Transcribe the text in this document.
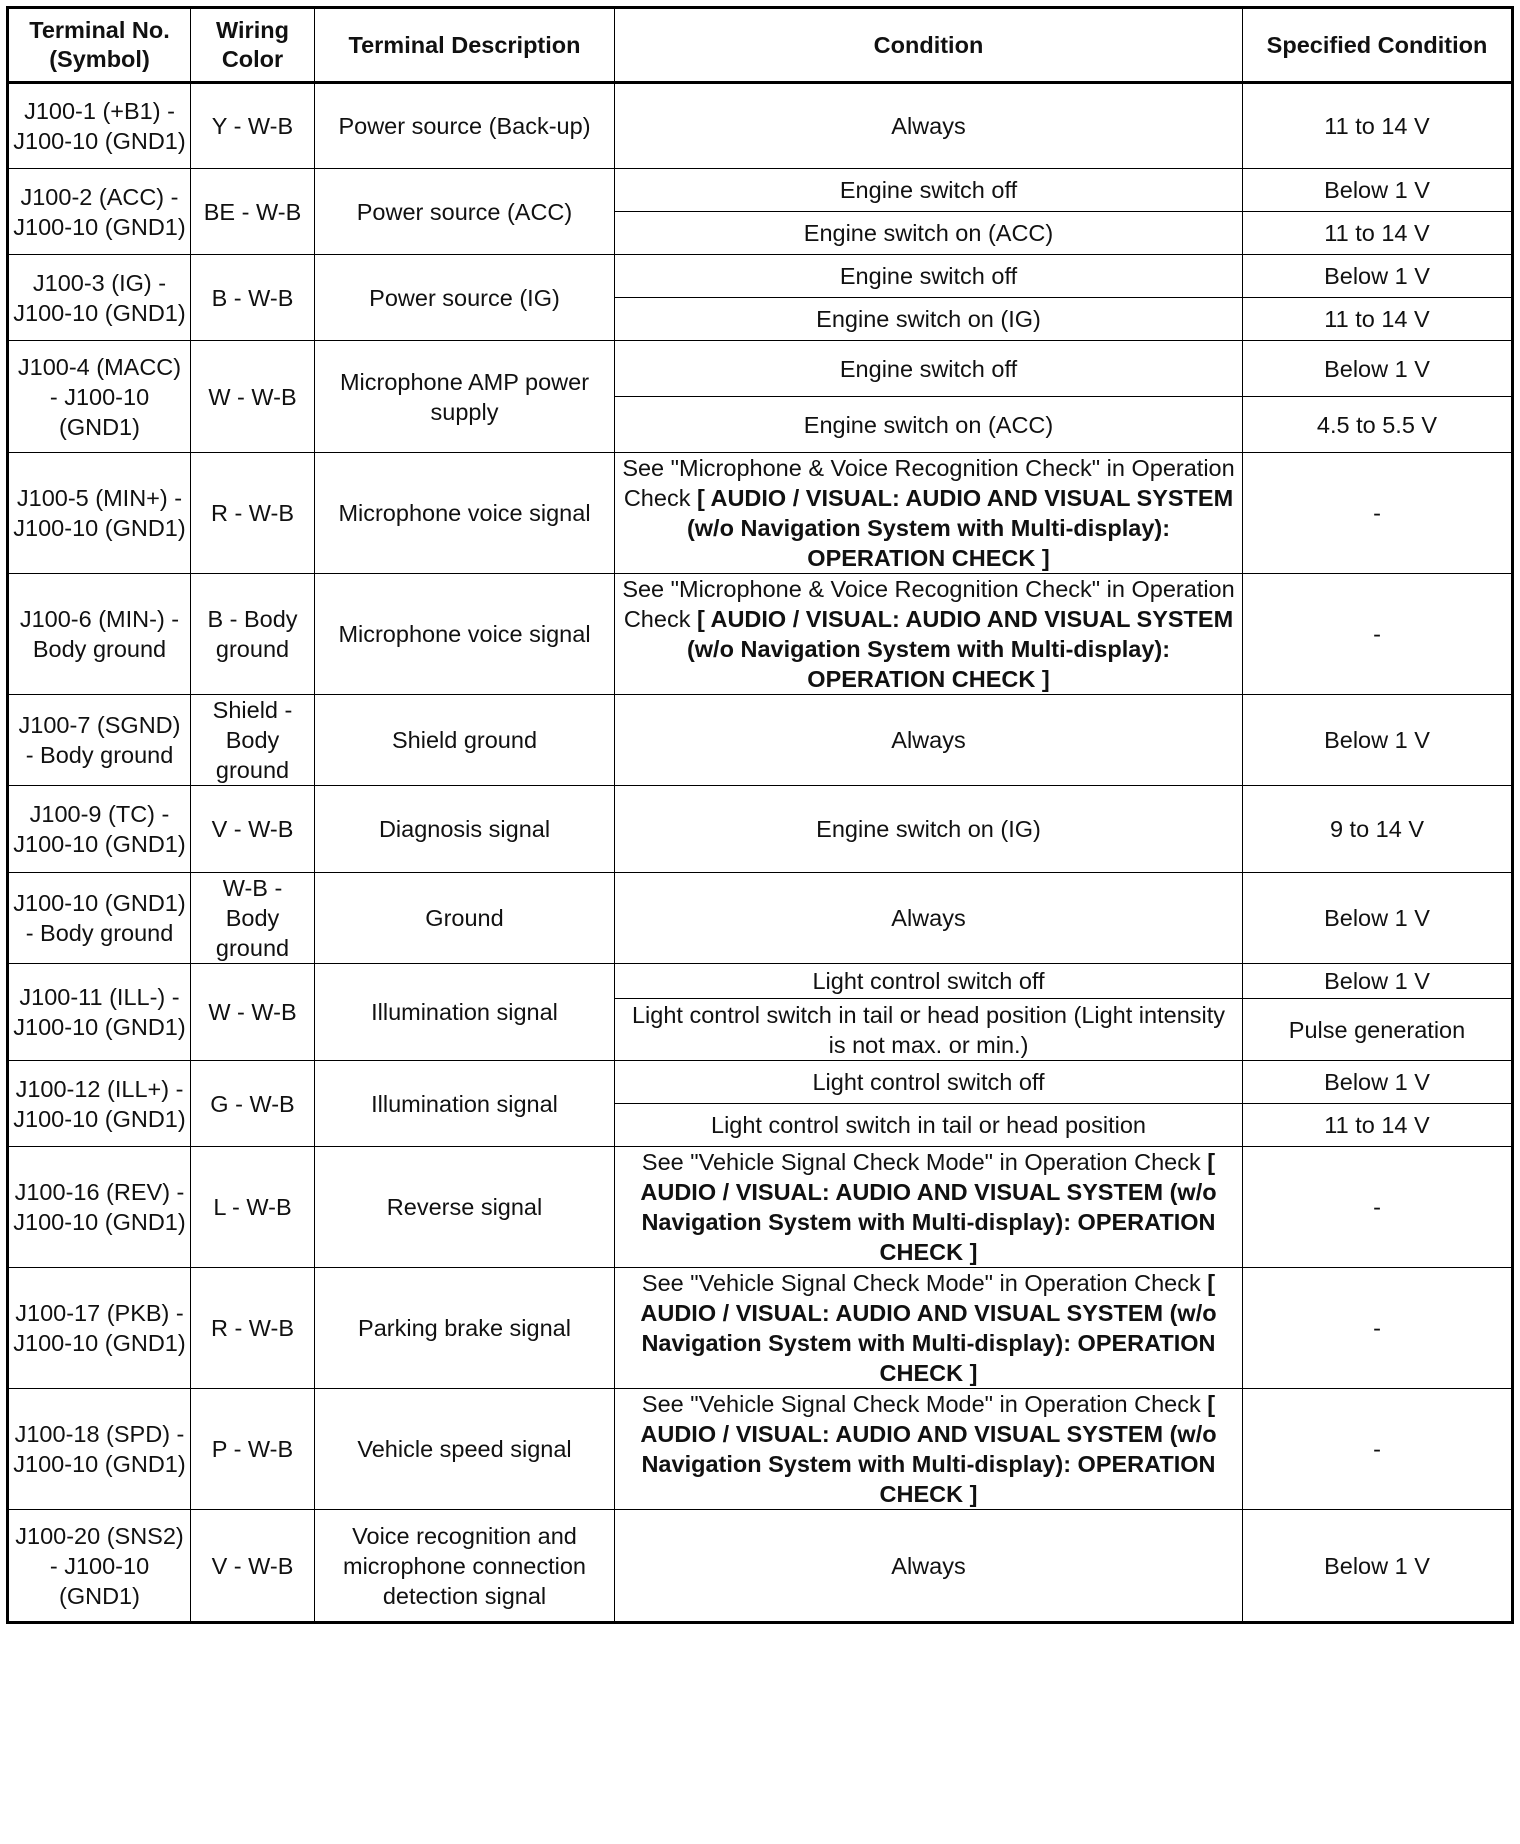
Terminal No. (Symbol)	Wiring Color	Terminal Description	Condition	Specified Condition
J100-1 (+B1) - J100-10 (GND1)	Y - W-B	Power source (Back-up)	Always	11 to 14 V
J100-2 (ACC) - J100-10 (GND1)	BE - W-B	Power source (ACC)	Engine switch off	Below 1 V
			Engine switch on (ACC)	11 to 14 V
J100-3 (IG) - J100-10 (GND1)	B - W-B	Power source (IG)	Engine switch off	Below 1 V
			Engine switch on (IG)	11 to 14 V
J100-4 (MACC) - J100-10 (GND1)	W - W-B	Microphone AMP power supply	Engine switch off	Below 1 V
			Engine switch on (ACC)	4.5 to 5.5 V
J100-5 (MIN+) - J100-10 (GND1)	R - W-B	Microphone voice signal	See "Microphone & Voice Recognition Check" in Operation Check [ AUDIO / VISUAL: AUDIO AND VISUAL SYSTEM (w/o Navigation System with Multi-display): OPERATION CHECK ]	-
J100-6 (MIN-) - Body ground	B - Body ground	Microphone voice signal	See "Microphone & Voice Recognition Check" in Operation Check [ AUDIO / VISUAL: AUDIO AND VISUAL SYSTEM (w/o Navigation System with Multi-display): OPERATION CHECK ]	-
J100-7 (SGND) - Body ground	Shield - Body ground	Shield ground	Always	Below 1 V
J100-9 (TC) - J100-10 (GND1)	V - W-B	Diagnosis signal	Engine switch on (IG)	9 to 14 V
J100-10 (GND1) - Body ground	W-B - Body ground	Ground	Always	Below 1 V
J100-11 (ILL-) - J100-10 (GND1)	W - W-B	Illumination signal	Light control switch off	Below 1 V
			Light control switch in tail or head position (Light intensity is not max. or min.)	Pulse generation
J100-12 (ILL+) - J100-10 (GND1)	G - W-B	Illumination signal	Light control switch off	Below 1 V
			Light control switch in tail or head position	11 to 14 V
J100-16 (REV) - J100-10 (GND1)	L - W-B	Reverse signal	See "Vehicle Signal Check Mode" in Operation Check [ AUDIO / VISUAL: AUDIO AND VISUAL SYSTEM (w/o Navigation System with Multi-display): OPERATION CHECK ]	-
J100-17 (PKB) - J100-10 (GND1)	R - W-B	Parking brake signal	See "Vehicle Signal Check Mode" in Operation Check [ AUDIO / VISUAL: AUDIO AND VISUAL SYSTEM (w/o Navigation System with Multi-display): OPERATION CHECK ]	-
J100-18 (SPD) - J100-10 (GND1)	P - W-B	Vehicle speed signal	See "Vehicle Signal Check Mode" in Operation Check [ AUDIO / VISUAL: AUDIO AND VISUAL SYSTEM (w/o Navigation System with Multi-display): OPERATION CHECK ]	-
J100-20 (SNS2) - J100-10 (GND1)	V - W-B	Voice recognition and microphone connection detection signal	Always	Below 1 V
